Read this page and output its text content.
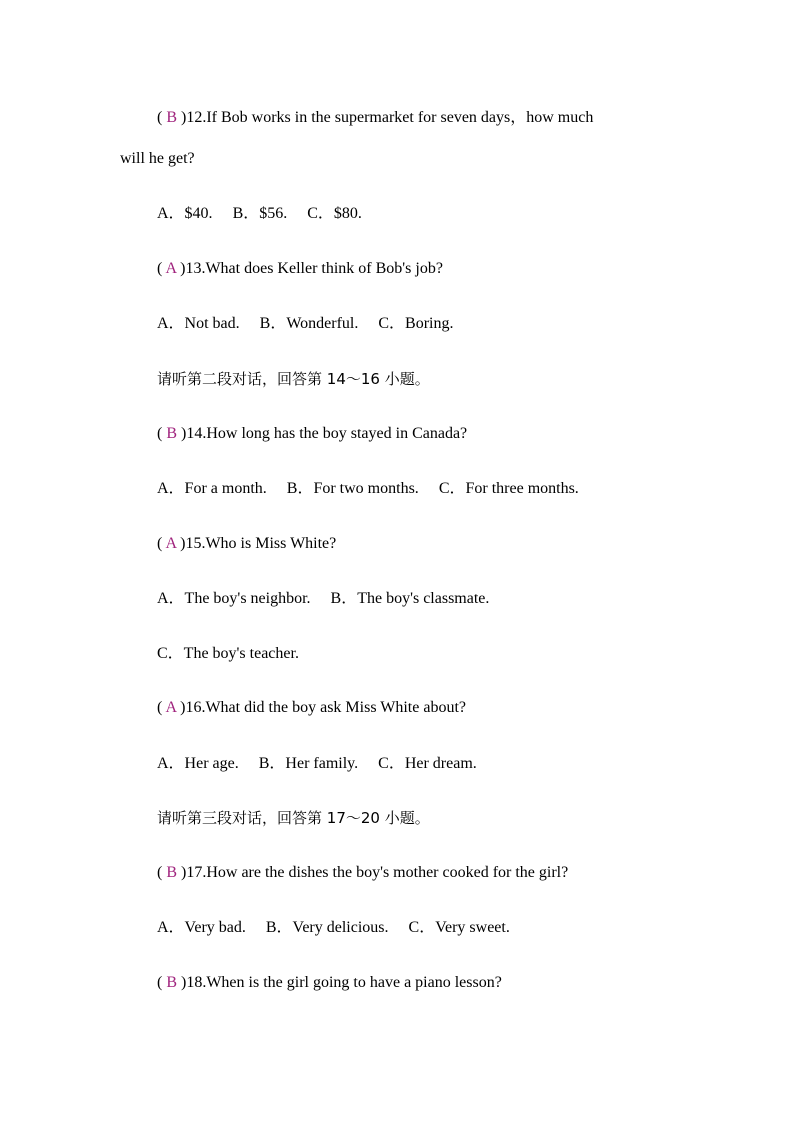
( B )12.If Bob works in the supermarket for seven days，how much
will he get?
A．$40. B．$56. C．$80.
( A )13.What does Keller think of Bob's job?
A．Not bad. B．Wonderful. C．Boring.
请听第二段对话，回答第 14～16 小题。
( B )14.How long has the boy stayed in Canada?
A．For a month. B．For two months. C．For three months.
( A )15.Who is Miss White?
A．The boy's neighbor. B．The boy's classmate.
C．The boy's teacher.
( A )16.What did the boy ask Miss White about?
A．Her age. B．Her family. C．Her dream.
请听第三段对话，回答第 17～20 小题。
( B )17.How are the dishes the boy's mother cooked for the girl?
A．Very bad. B．Very delicious. C．Very sweet.
( B )18.When is the girl going to have a piano lesson?
